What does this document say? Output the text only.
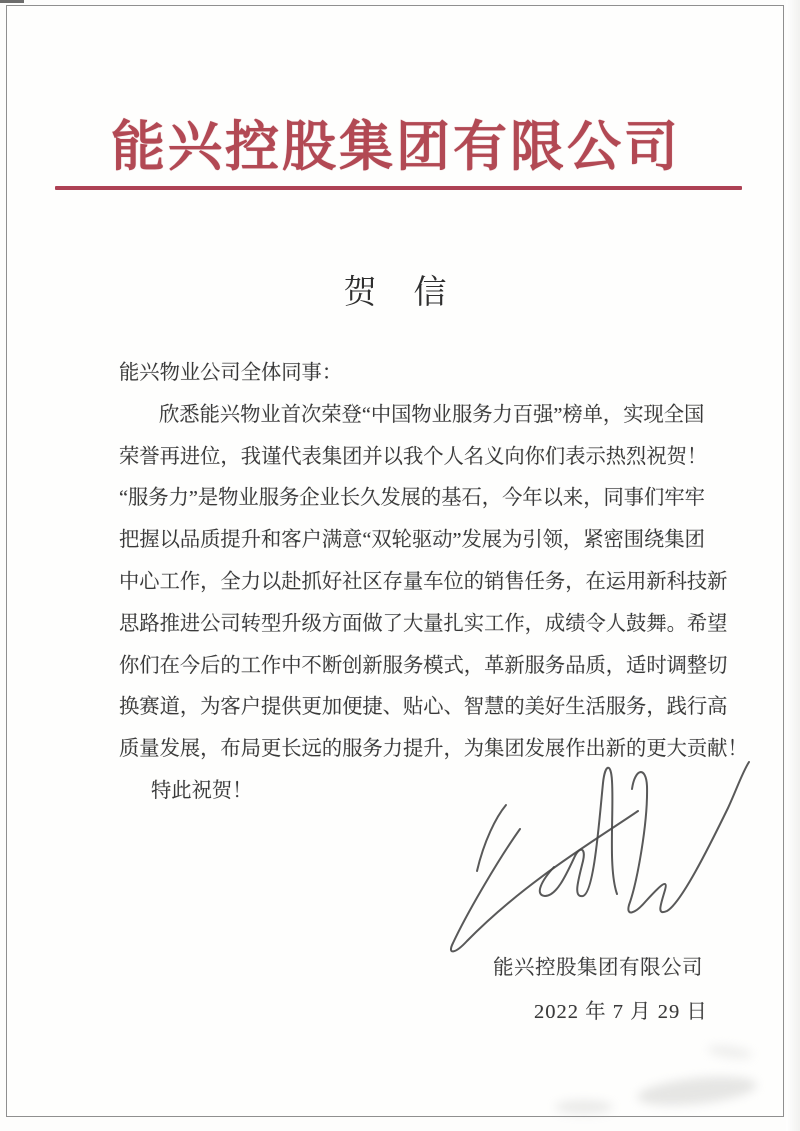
能兴控股集团有限公司
贺　信
能兴物业公司全体同事：
欣悉能兴物业首次荣登“中国物业服务力百强”榜单，实现全国
荣誉再进位，我谨代表集团并以我个人名义向你们表示热烈祝贺！
“服务力”是物业服务企业长久发展的基石，今年以来，同事们牢牢
把握以品质提升和客户满意“双轮驱动”发展为引领，紧密围绕集团
中心工作，全力以赴抓好社区存量车位的销售任务，在运用新科技新
思路推进公司转型升级方面做了大量扎实工作，成绩令人鼓舞。希望
你们在今后的工作中不断创新服务模式，革新服务品质，适时调整切
换赛道，为客户提供更加便捷、贴心、智慧的美好生活服务，践行高
质量发展，布局更长远的服务力提升，为集团发展作出新的更大贡献！
特此祝贺！
能兴控股集团有限公司
2022 年 7 月 29 日
